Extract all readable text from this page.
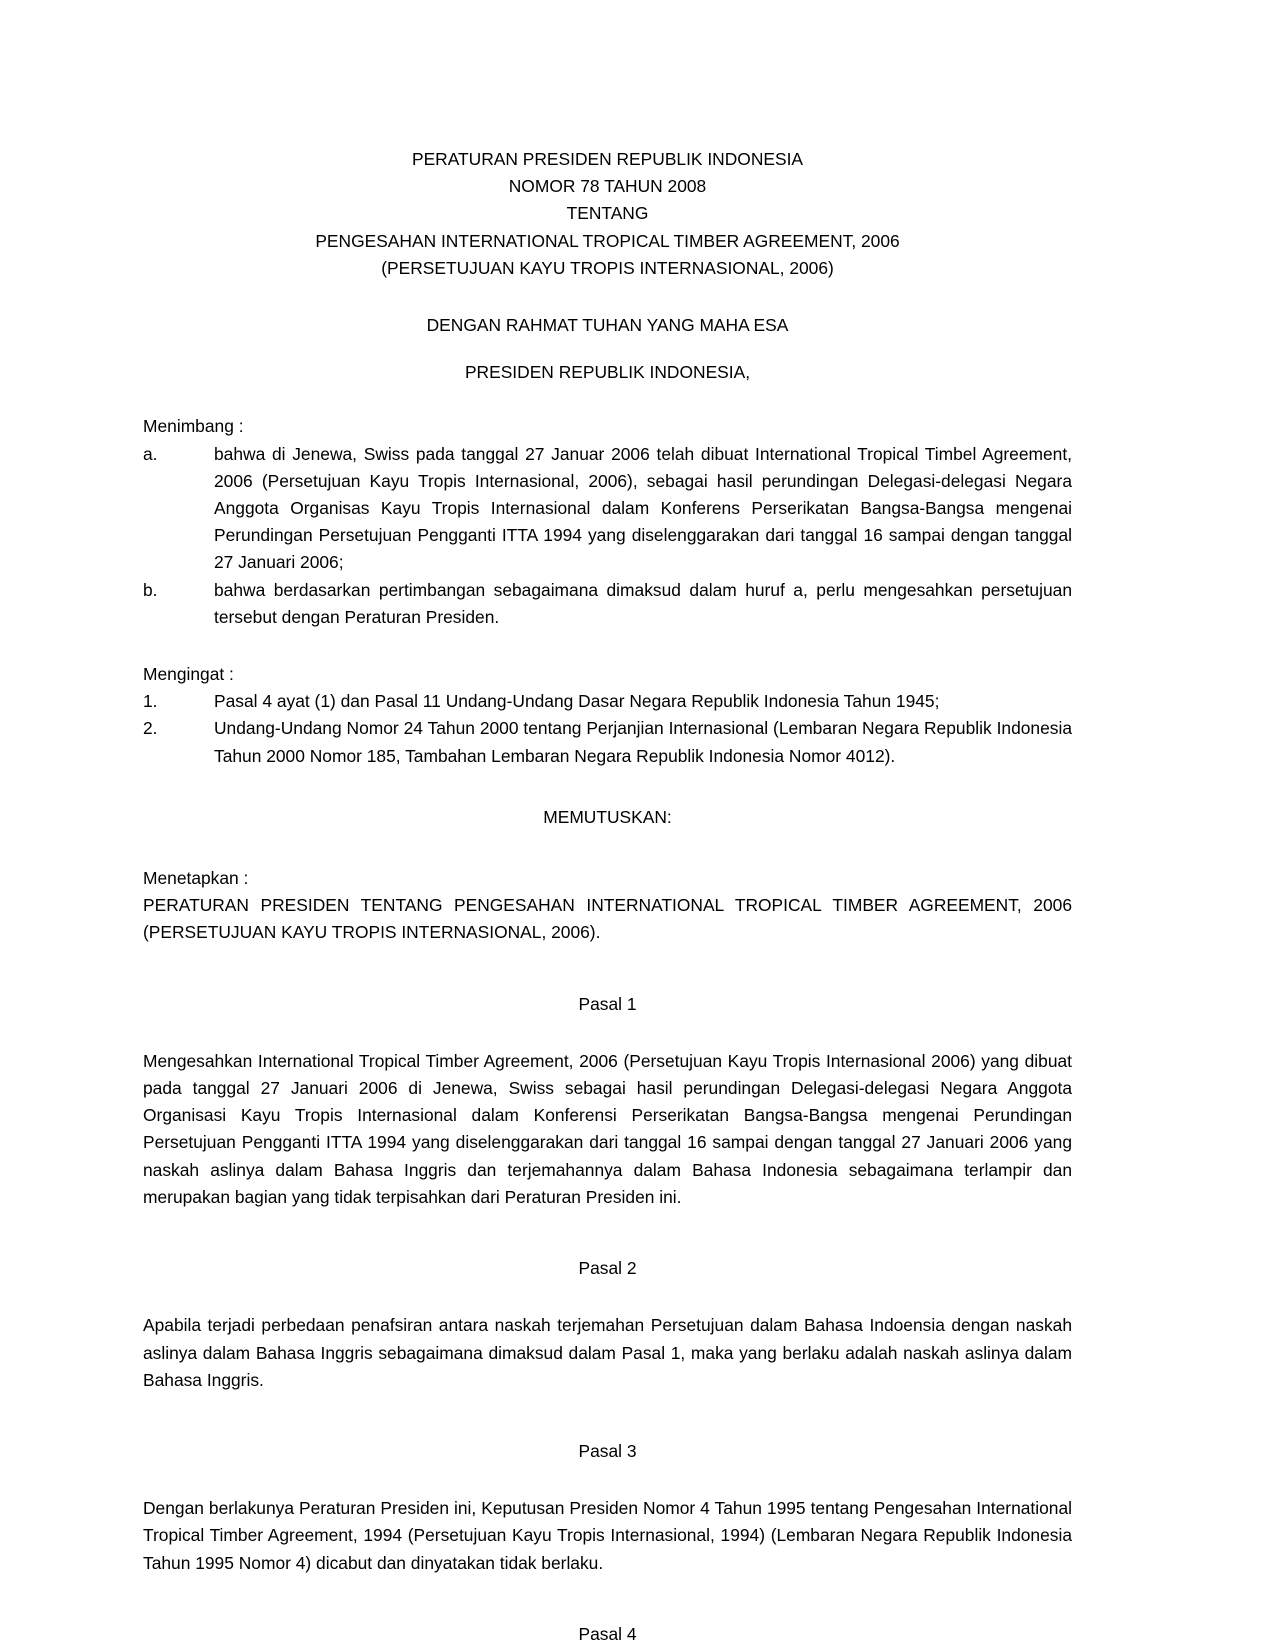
PERATURAN PRESIDEN REPUBLIK INDONESIA
NOMOR 78 TAHUN 2008
TENTANG
PENGESAHAN INTERNATIONAL TROPICAL TIMBER AGREEMENT, 2006
(PERSETUJUAN KAYU TROPIS INTERNASIONAL, 2006)
DENGAN RAHMAT TUHAN YANG MAHA ESA
PRESIDEN REPUBLIK INDONESIA,
Menimbang :
a.	bahwa di Jenewa, Swiss pada tanggal 27 Januar 2006 telah dibuat International Tropical Timbel Agreement, 2006 (Persetujuan Kayu Tropis Internasional, 2006), sebagai hasil perundingan Delegasi-delegasi Negara Anggota Organisas Kayu Tropis Internasional dalam Konferens Perserikatan Bangsa-Bangsa mengenai Perundingan Persetujuan Pengganti ITTA 1994 yang diselenggarakan dari tanggal 16 sampai dengan tanggal 27 Januari 2006;
b.	bahwa berdasarkan pertimbangan sebagaimana dimaksud dalam huruf a, perlu mengesahkan persetujuan tersebut dengan Peraturan Presiden.
Mengingat :
1.	Pasal 4 ayat (1) dan Pasal 11 Undang-Undang Dasar Negara Republik Indonesia Tahun 1945;
2.	Undang-Undang Nomor 24 Tahun 2000 tentang Perjanjian Internasional (Lembaran Negara Republik Indonesia Tahun 2000 Nomor 185, Tambahan Lembaran Negara Republik Indonesia Nomor 4012).
MEMUTUSKAN:
Menetapkan :
PERATURAN PRESIDEN TENTANG PENGESAHAN INTERNATIONAL TROPICAL TIMBER AGREEMENT, 2006 (PERSETUJUAN KAYU TROPIS INTERNASIONAL, 2006).
Pasal 1
Mengesahkan International Tropical Timber Agreement, 2006 (Persetujuan Kayu Tropis Internasional 2006) yang dibuat pada tanggal 27 Januari 2006 di Jenewa, Swiss sebagai hasil perundingan Delegasi-delegasi Negara Anggota Organisasi Kayu Tropis Internasional dalam Konferensi Perserikatan Bangsa-Bangsa mengenai Perundingan Persetujuan Pengganti ITTA 1994 yang diselenggarakan dari tanggal 16 sampai dengan tanggal 27 Januari 2006 yang naskah aslinya dalam Bahasa Inggris dan terjemahannya dalam Bahasa Indonesia sebagaimana terlampir dan merupakan bagian yang tidak terpisahkan dari Peraturan Presiden ini.
Pasal 2
Apabila terjadi perbedaan penafsiran antara naskah terjemahan Persetujuan dalam Bahasa Indoensia dengan naskah aslinya dalam Bahasa Inggris sebagaimana dimaksud dalam Pasal 1, maka yang berlaku adalah naskah aslinya dalam Bahasa Inggris.
Pasal 3
Dengan berlakunya Peraturan Presiden ini, Keputusan Presiden Nomor 4 Tahun 1995 tentang Pengesahan International Tropical Timber Agreement, 1994 (Persetujuan Kayu Tropis Internasional, 1994) (Lembaran Negara Republik Indonesia Tahun 1995 Nomor 4) dicabut dan dinyatakan tidak berlaku.
Pasal 4
